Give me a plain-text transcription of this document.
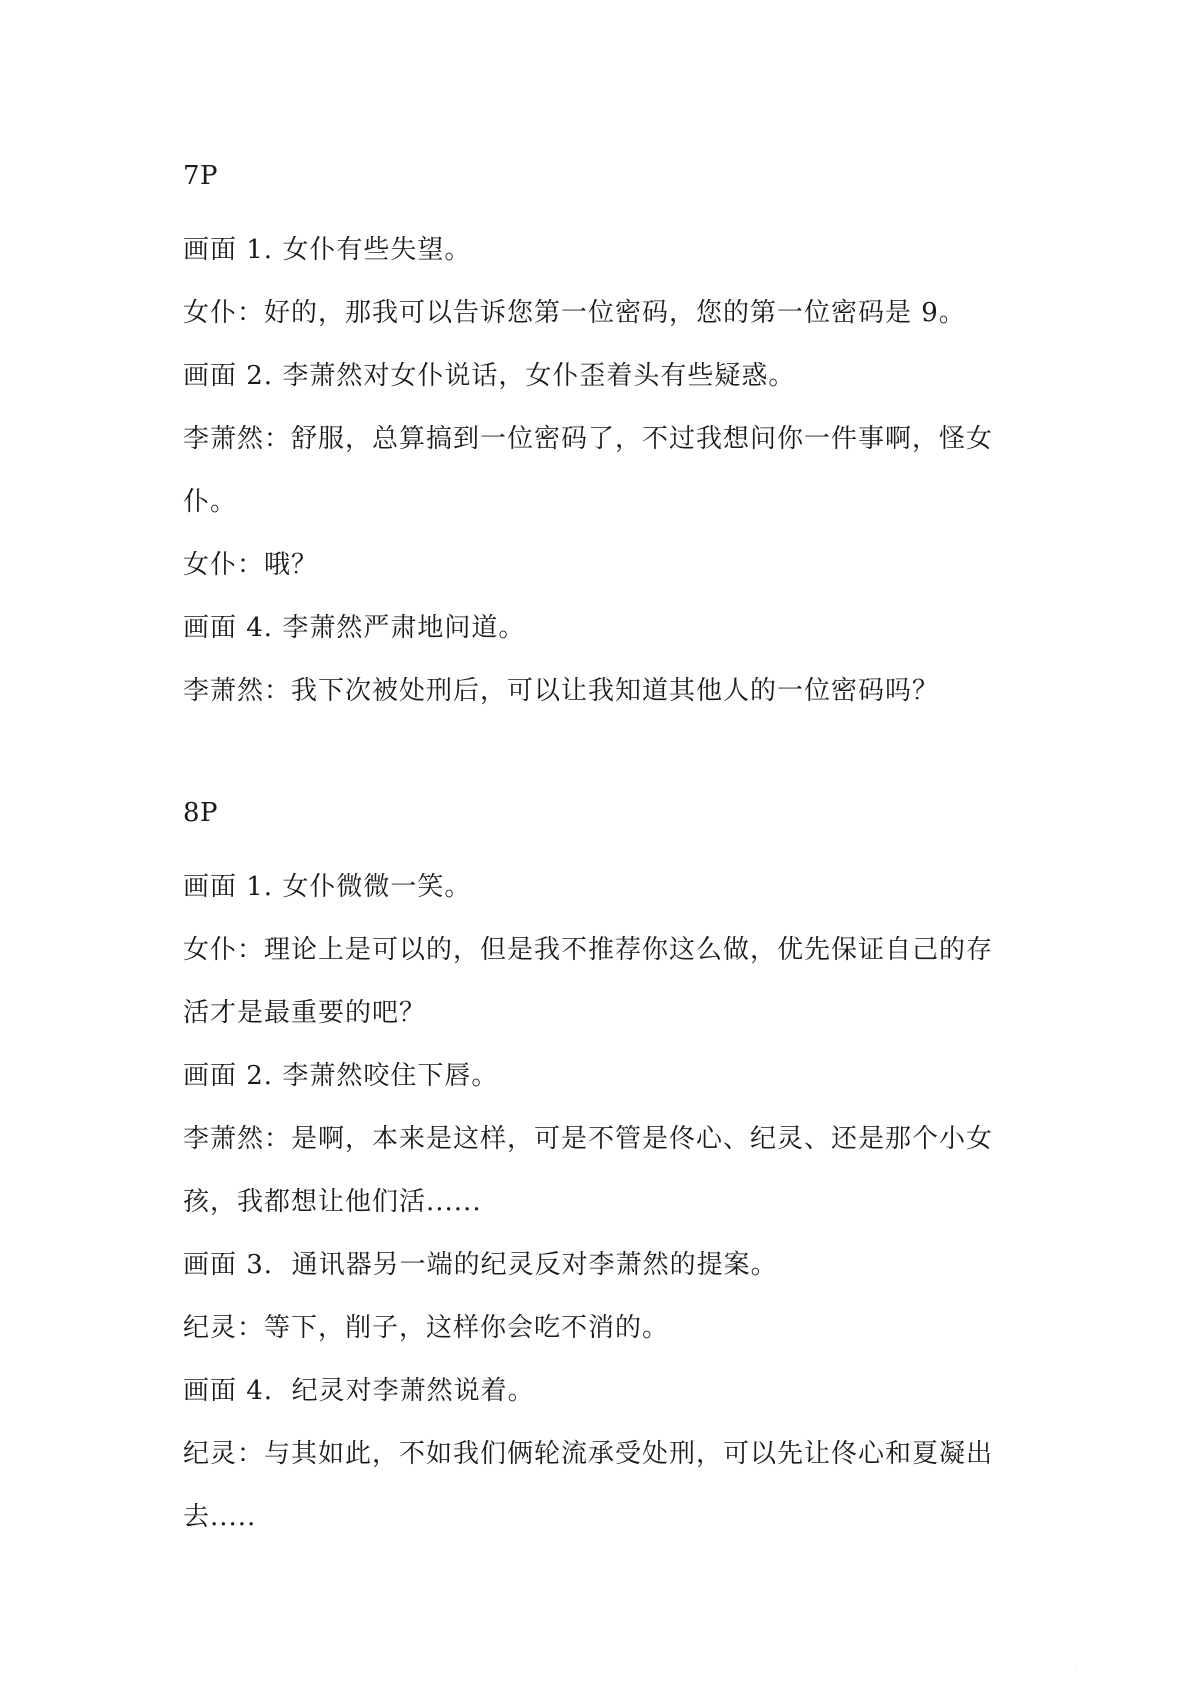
7P
画面 1. 女仆有些失望。
女仆：好的，那我可以告诉您第一位密码，您的第一位密码是 9。
画面 2. 李萧然对女仆说话，女仆歪着头有些疑惑。
李萧然：舒服，总算搞到一位密码了，不过我想问你一件事啊，怪女
仆。
女仆：哦？
画面 4. 李萧然严肃地问道。
李萧然：我下次被处刑后，可以让我知道其他人的一位密码吗？
8P
画面 1. 女仆微微一笑。
女仆：理论上是可以的，但是我不推荐你这么做，优先保证自己的存
活才是最重要的吧？
画面 2. 李萧然咬住下唇。
李萧然：是啊，本来是这样，可是不管是佟心、纪灵、还是那个小女
孩，我都想让他们活......
画面 3.  通讯器另一端的纪灵反对李萧然的提案。
纪灵：等下，削子，这样你会吃不消的。
画面 4.  纪灵对李萧然说着。
纪灵：与其如此，不如我们俩轮流承受处刑，可以先让佟心和夏凝出
去.....
腾讯动漫
